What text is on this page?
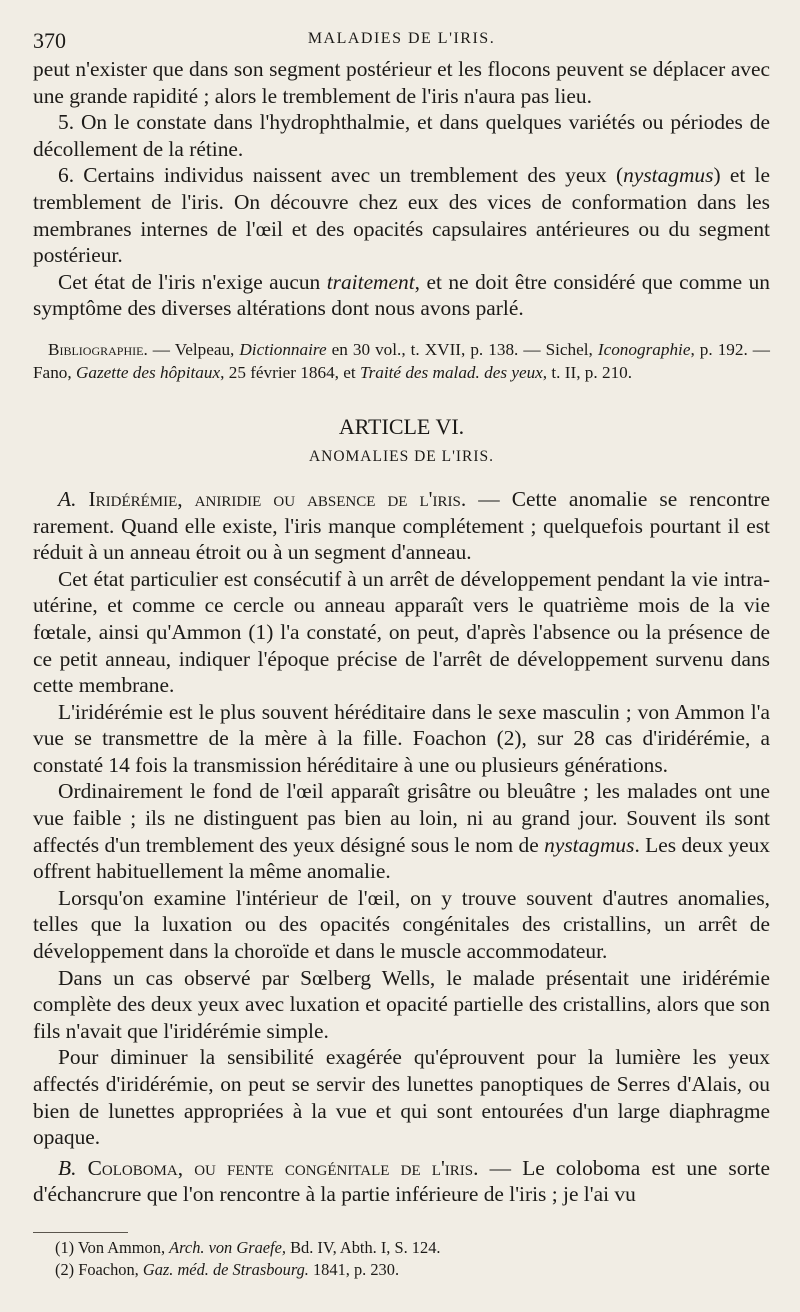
370	MALADIES DE L'IRIS.

peut n'exister que dans son segment postérieur et les flocons peuvent se déplacer avec une grande rapidité ; alors le tremblement de l'iris n'aura pas lieu.

5. On le constate dans l'hydrophthalmie, et dans quelques variétés ou périodes de décollement de la rétine.

6. Certains individus naissent avec un tremblement des yeux (nystagmus) et le tremblement de l'iris. On découvre chez eux des vices de conformation dans les membranes internes de l'œil et des opacités capsulaires antérieures ou du segment postérieur.

Cet état de l'iris n'exige aucun traitement, et ne doit être considéré que comme un symptôme des diverses altérations dont nous avons parlé.

Bibliographie. — Velpeau, Dictionnaire en 30 vol., t. XVII, p. 138. — Sichel, Iconographie, p. 192. — Fano, Gazette des hôpitaux, 25 février 1864, et Traité des malad. des yeux, t. II, p. 210.

ARTICLE VI.
ANOMALIES DE L'IRIS.

A. Iridérémie, aniridie ou absence de l'iris. — Cette anomalie se rencontre rarement. Quand elle existe, l'iris manque complétement ; quelquefois pourtant il est réduit à un anneau étroit ou à un segment d'anneau.

Cet état particulier est consécutif à un arrêt de développement pendant la vie intra-utérine, et comme ce cercle ou anneau apparaît vers le quatrième mois de la vie fœtale, ainsi qu'Ammon (1) l'a constaté, on peut, d'après l'absence ou la présence de ce petit anneau, indiquer l'époque précise de l'arrêt de développement survenu dans cette membrane.

L'iridérémie est le plus souvent héréditaire dans le sexe masculin ; von Ammon l'a vue se transmettre de la mère à la fille. Foachon (2), sur 28 cas d'iridérémie, a constaté 14 fois la transmission héréditaire à une ou plusieurs générations.

Ordinairement le fond de l'œil apparaît grisâtre ou bleuâtre ; les malades ont une vue faible ; ils ne distinguent pas bien au loin, ni au grand jour. Souvent ils sont affectés d'un tremblement des yeux désigné sous le nom de nystagmus. Les deux yeux offrent habituellement la même anomalie.

Lorsqu'on examine l'intérieur de l'œil, on y trouve souvent d'autres anomalies, telles que la luxation ou des opacités congénitales des cristallins, un arrêt de développement dans la choroïde et dans le muscle accommodateur.

Dans un cas observé par Sœlberg Wells, le malade présentait une iridérémie complète des deux yeux avec luxation et opacité partielle des cristallins, alors que son fils n'avait que l'iridérémie simple.

Pour diminuer la sensibilité exagérée qu'éprouvent pour la lumière les yeux affectés d'iridérémie, on peut se servir des lunettes panoptiques de Serres d'Alais, ou bien de lunettes appropriées à la vue et qui sont entourées d'un large diaphragme opaque.

B. Coloboma, ou fente congénitale de l'iris. — Le coloboma est une sorte d'échancrure que l'on rencontre à la partie inférieure de l'iris ; je l'ai vu

(1) Von Ammon, Arch. von Graefe, Bd. IV, Abth. I, S. 124.
(2) Foachon, Gaz. méd. de Strasbourg. 1841, p. 230.
